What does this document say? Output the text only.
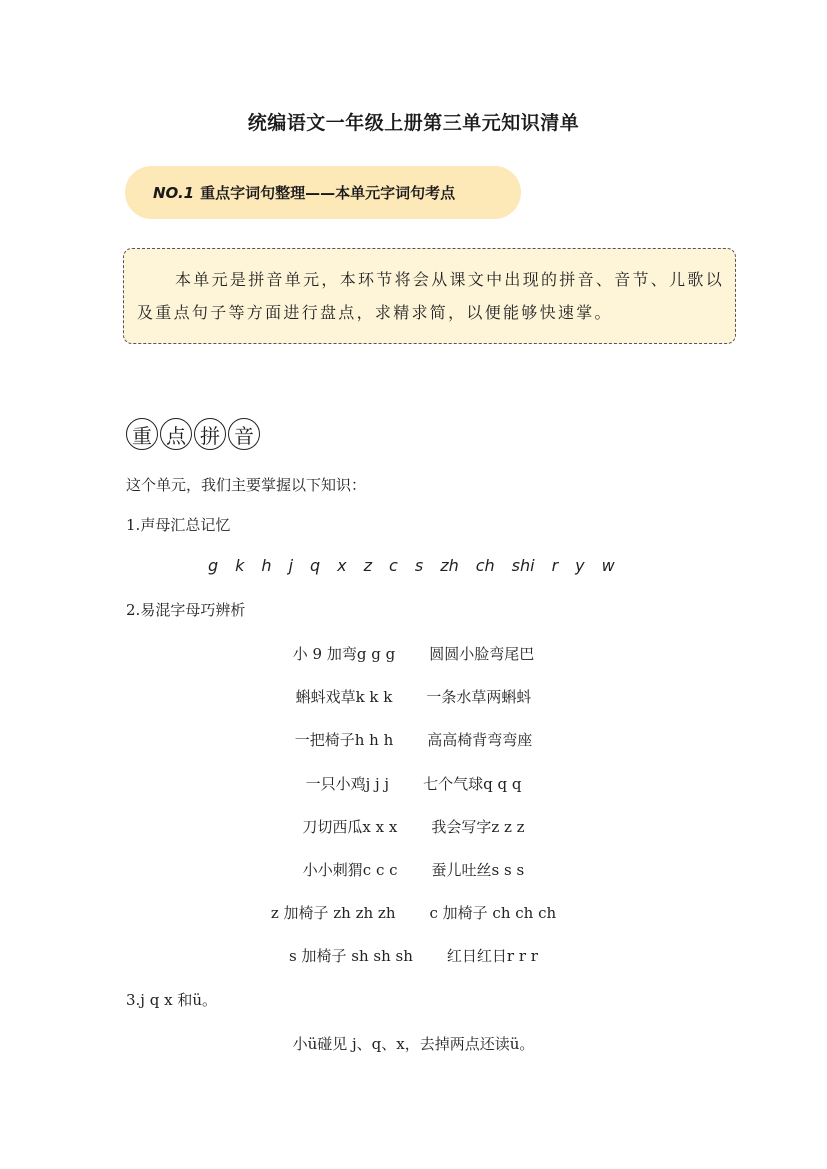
统编语文一年级上册第三单元知识清单
NO.1 重点字词句整理——本单元字词句考点
本单元是拼音单元，本环节将会从课文中出现的拼音、音节、儿歌以及重点句子等方面进行盘点，求精求简，以便能够快速掌。
重 点 拼 音
这个单元，我们主要掌握以下知识：
1.声母汇总记忆
g k h j q x z c s zh ch shi r y w
2.易混字母巧辨析
小 9 加弯g g g 圆圆小脸弯尾巴
蝌蚪戏草k k k 一条水草两蝌蚪
一把椅子h h h 高高椅背弯弯座
一只小鸡j j j 七个气球q q q
刀切西瓜x x x 我会写字z z z
小小刺猬c c c 蚕儿吐丝s s s
z 加椅子 zh zh zh c 加椅子 ch ch ch
s 加椅子 sh sh sh 红日红日r r r
3.j q x 和ü。
小ü碰见 j、q、x，去掉两点还读ü。
